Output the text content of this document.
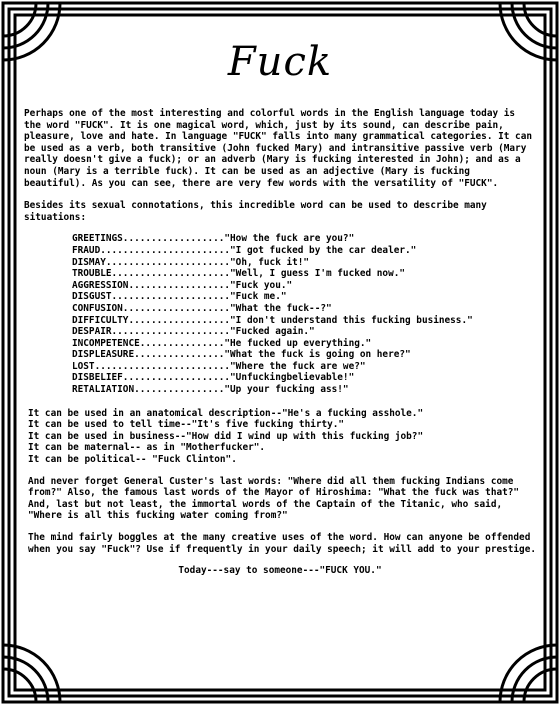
Fuck

Perhaps one of the most interesting and colorful words in the English language today is the word "FUCK". It is one magical word, which, just by its sound, can describe pain, pleasure, love and hate. In language "FUCK" falls into many grammatical categories. It can be used as a verb, both transitive (John fucked Mary) and intransitive passive verb (Mary really doesn't give a fuck); or an adverb (Mary is fucking interested in John); and as a noun (Mary is a terrible fuck). It can be used as an adjective (Mary is fucking beautiful). As you can see, there are very few words with the versatility of "FUCK".

Besides its sexual connotations, this incredible word can be used to describe many situations:

GREETINGS.................."How the fuck are you?"
FRAUD......................."I got fucked by the car dealer."
DISMAY......................"Oh, fuck it!"
TROUBLE....................."Well, I guess I'm fucked now."
AGGRESSION.................."Fuck you."
DISGUST....................."Fuck me."
CONFUSION..................."What the fuck--?"
DIFFICULTY.................."I don't understand this fucking business."
DESPAIR....................."Fucked again."
INCOMPETENCE..............."He fucked up everything."
DISPLEASURE................"What the fuck is going on here?"
LOST........................"Where the fuck are we?"
DISBELIEF..................."Unfuckingbelievable!"
RETALIATION................"Up your fucking ass!"
It can be used in an anatomical description--"He's a fucking asshole."
It can be used to tell time--"It's five fucking thirty."
It can be used in business--"How did I wind up with this fucking job?"
It can be maternal-- as in "Motherfucker".
It can be political-- "Fuck Clinton".

And never forget General Custer's last words: "Where did all them fucking Indians come from?" Also, the famous last words of the Mayor of Hiroshima: "What the fuck was that?" And, last but not least, the immortal words of the Captain of the Titanic, who said, "Where is all this fucking water coming from?"

The mind fairly boggles at the many creative uses of the word. How can anyone be offended when you say "Fuck"? Use if frequently in your daily speech; it will add to your prestige.

Today---say to someone---"FUCK YOU."
